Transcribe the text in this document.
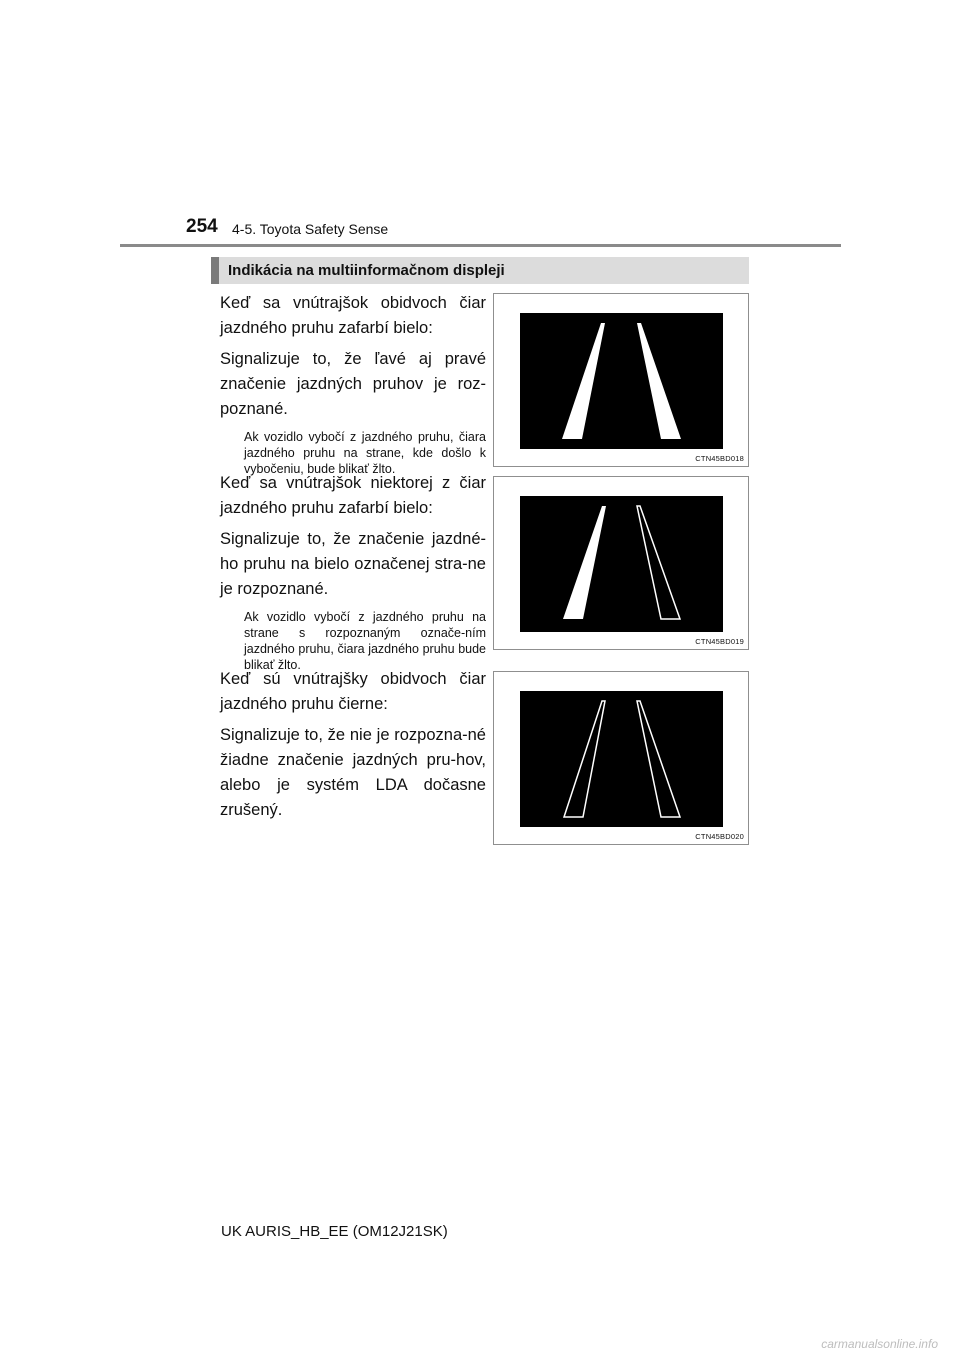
254 4-5. Toyota Safety Sense
Indikácia na multiinformačnom displeji

Keď sa vnútrajšok obidvoch čiar jazdného pruhu zafarbí bielo:

Signalizuje to, že ľavé aj pravé značenie jazdných pruhov je roz-poznané.

Ak vozidlo vybočí z jazdného pruhu, čiara jazdného pruhu na strane, kde došlo k vybočeniu, bude blikať žlto.

CTN45BD018

Keď sa vnútrajšok niektorej z čiar jazdného pruhu zafarbí bielo:

Signalizuje to, že značenie jazdné-ho pruhu na bielo označenej stra-ne je rozpoznané.

Ak vozidlo vybočí z jazdného pruhu na strane s rozpoznaným označe-ním jazdného pruhu, čiara jazdného pruhu bude blikať žlto.

CTN45BD019

Keď sú vnútrajšky obidvoch čiar jazdného pruhu čierne:

Signalizuje to, že nie je rozpozna-né žiadne značenie jazdných pru-hov, alebo je systém LDA dočasne zrušený.

CTN45BD020
UK AURIS_HB_EE (OM12J21SK)
carmanualsonline.info
